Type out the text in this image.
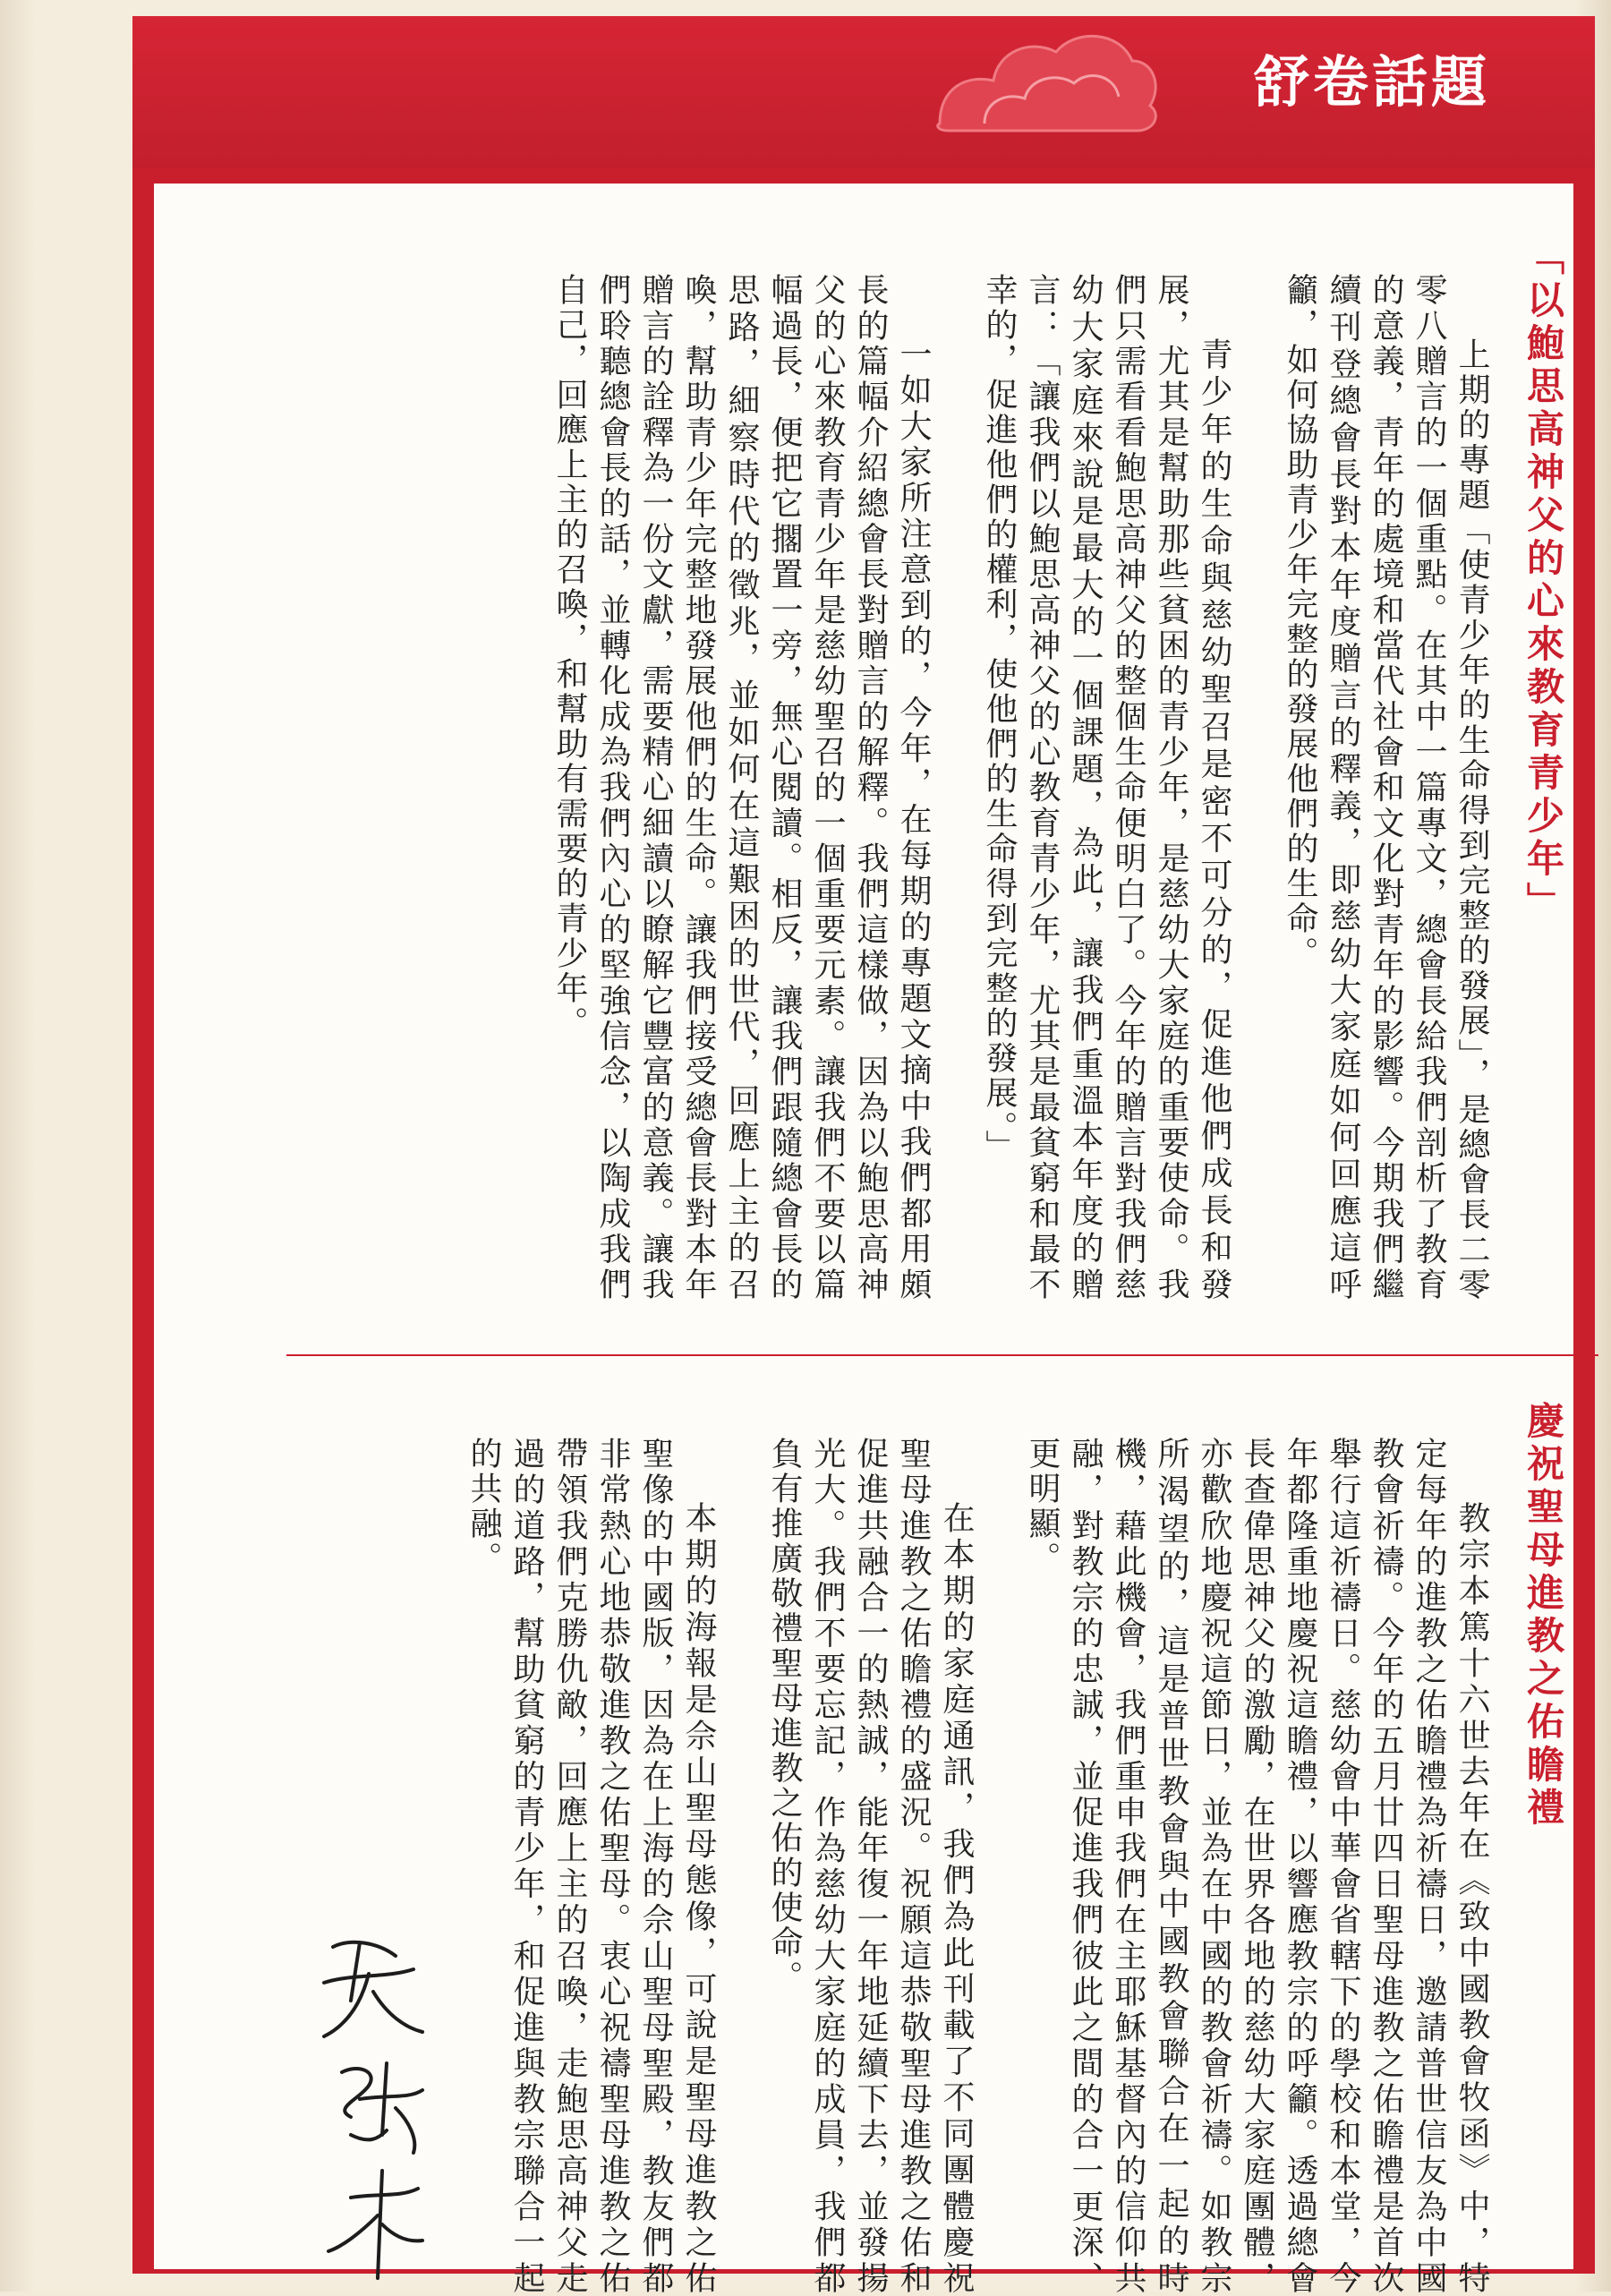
舒卷話題
「以鮑思高神父的心來教育青少年」

上期的專題「使青少年的生命得到完整的發展」，是總會長二零零八贈言的一個重點。在其中一篇專文，總會長給我們剖析了教育的意義，青年的處境和當代社會和文化對青年的影響。今期我們繼續刊登總會長對本年度贈言的釋義，即慈幼大家庭如何回應這呼籲，如何協助青少年完整的發展他們的生命。

青少年的生命與慈幼聖召是密不可分的，促進他們成長和發展，尤其是幫助那些貧困的青少年，是慈幼大家庭的重要使命。我們只需看看鮑思高神父的整個生命便明白了。今年的贈言對我們慈幼大家庭來說是最大的一個課題，為此，讓我們重溫本年度的贈言：「讓我們以鮑思高神父的心教育青少年，尤其是最貧窮和最不幸的，促進他們的權利，使他們的生命得到完整的發展。」

一如大家所注意到的，今年，在每期的專題文摘中我們都用頗長的篇幅介紹總會長對贈言的解釋。我們這樣做，因為以鮑思高神父的心來教育青少年是慈幼聖召的一個重要元素。讓我們不要以篇幅過長，便把它擱置一旁，無心閱讀。相反，讓我們跟隨總會長的思路，細察時代的徵兆，並如何在這艱困的世代，回應上主的召喚，幫助青少年完整地發展他們的生命。讓我們接受總會長對本年贈言的詮釋為一份文獻，需要精心細讀以瞭解它豐富的意義。讓我們聆聽總會長的話，並轉化成為我們內心的堅強信念，以陶成我們自己，回應上主的召喚，和幫助有需要的青少年。

慶祝聖母進教之佑瞻禮

教宗本篤十六世去年在《致中國教會牧函》中，特定每年的進教之佑瞻禮為祈禱日，邀請普世信友為中國教會祈禱。今年的五月廿四日聖母進教之佑瞻禮是首次舉行這祈禱日。慈幼會中華會省轄下的學校和本堂，今年都隆重地慶祝這瞻禮，以響應教宗的呼籲。透過總會長查偉思神父的激勵，在世界各地的慈幼大家庭團體，亦歡欣地慶祝這節日，並為在中國的教會祈禱。如教宗所渴望的，這是普世教會與中國教會聯合在一起的時機，藉此機會，我們重申我們在主耶穌基督內的信仰共融，對教宗的忠誠，並促進我們彼此之間的合一更深、更明顯。

在本期的家庭通訊，我們為此刊載了不同團體慶祝聖母進教之佑瞻禮的盛況。祝願這恭敬聖母進教之佑和促進共融合一的熱誠，能年復一年地延續下去，並發揚光大。我們不要忘記，作為慈幼大家庭的成員，我們都負有推廣敬禮聖母進教之佑的使命。

本期的海報是佘山聖母態像，可說是聖母進教之佑聖像的中國版，因為在上海的佘山聖母聖殿，教友們都非常熱心地恭敬進教之佑聖母。衷心祝禱聖母進教之佑帶領我們克勝仇敵，回應上主的召喚，走鮑思高神父走過的道路，幫助貧窮的青少年，和促進與教宗聯合一起的共融。
